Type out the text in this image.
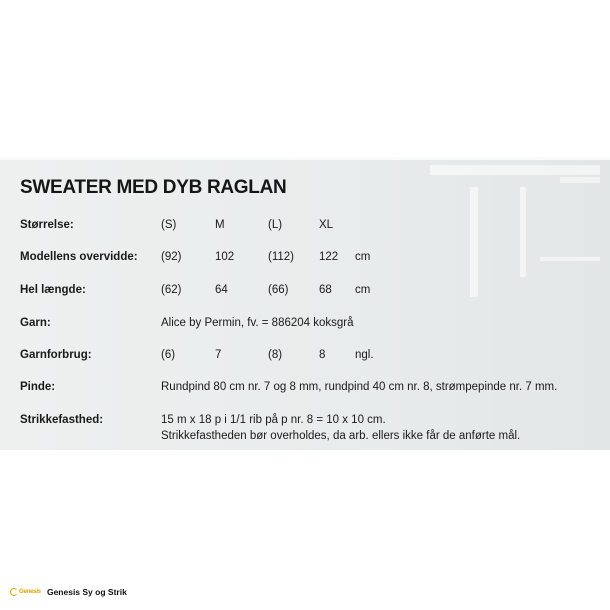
SWEATER MED DYB RAGLAN
Størrelse:	(S)	M	(L)	XL
Modellens overvidde: (92)	102	(112) 122 cm
Hel længde:	(62)	64	(66)	68 cm
Garn:	Alice by Permin, fv. = 886204 koksgrå
Garnforbrug:	(6)	7	(8)	8	ngl.
Pinde:	Rundpind 80 cm nr. 7 og 8 mm, rundpind 40 cm nr. 8, strømpepinde nr. 7 mm.
Strikkefasthed:	15 m x 18 p i 1/1 rib på p nr. 8 = 10 x 10 cm.
Strikkefastheden bør overholdes, da arb. ellers ikke får de anførte mål.
Genesis Genesis Sy og Strik
